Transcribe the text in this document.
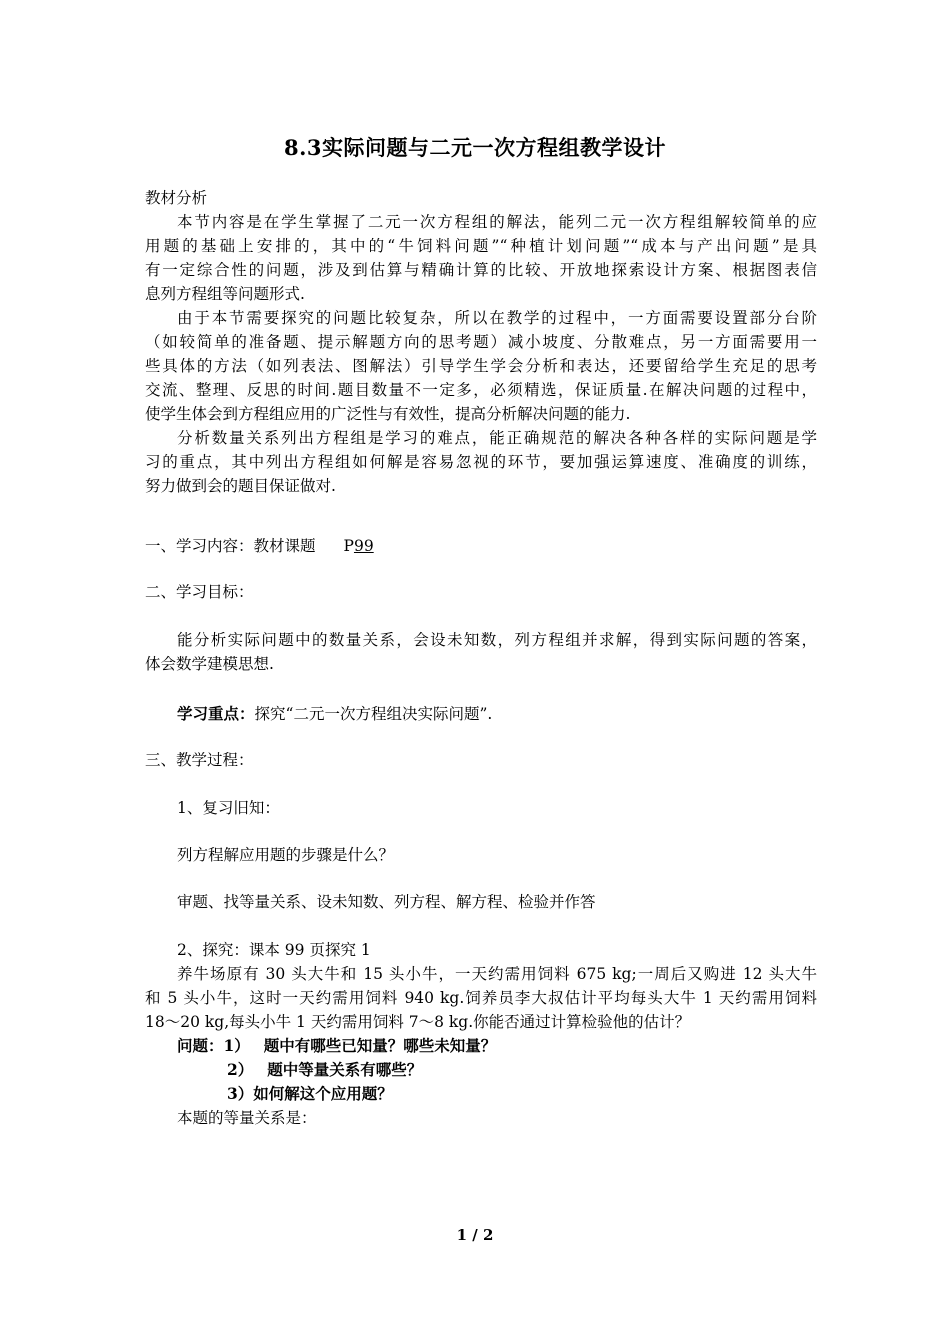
8.3实际问题与二元一次方程组教学设计
教材分析
本节内容是在学生掌握了二元一次方程组的解法，能列二元一次方程组解较简单的应
用题的基础上安排的，其中的“牛饲料问题”“种植计划问题”“成本与产出问题”是具
有一定综合性的问题，涉及到估算与精确计算的比较、开放地探索设计方案、根据图表信
息列方程组等问题形式.
由于本节需要探究的问题比较复杂，所以在教学的过程中，一方面需要设置部分台阶
（如较简单的准备题、提示解题方向的思考题）减小坡度、分散难点，另一方面需要用一
些具体的方法（如列表法、图解法）引导学生学会分析和表达，还要留给学生充足的思考
交流、整理、反思的时间.题目数量不一定多，必须精选，保证质量.在解决问题的过程中，
使学生体会到方程组应用的广泛性与有效性，提高分析解决问题的能力.
分析数量关系列出方程组是学习的难点，能正确规范的解决各种各样的实际问题是学
习的重点，其中列出方程组如何解是容易忽视的环节，要加强运算速度、准确度的训练，
努力做到会的题目保证做对.
一、学习内容：教材课题 P99
二、学习目标：
能分析实际问题中的数量关系，会设未知数，列方程组并求解，得到实际问题的答案，
体会数学建模思想.
学习重点：探究“二元一次方程组决实际问题”.
三、教学过程：
1、复习旧知：
列方程解应用题的步骤是什么？
审题、找等量关系、设未知数、列方程、解方程、检验并作答
2、探究：课本 99 页探究 1
养牛场原有 30 头大牛和 15 头小牛，一天约需用饲料 675 kg;一周后又购进 12 头大牛
和 5 头小牛，这时一天约需用饲料 940 kg.饲养员李大叔估计平均每头大牛 1 天约需用饲料
18～20 kg,每头小牛 1 天约需用饲料 7～8 kg.你能否通过计算检验他的估计？
问题：1） 题中有哪些已知量？哪些未知量？
2） 题中等量关系有哪些？
3）如何解这个应用题？
本题的等量关系是：
1 / 2
